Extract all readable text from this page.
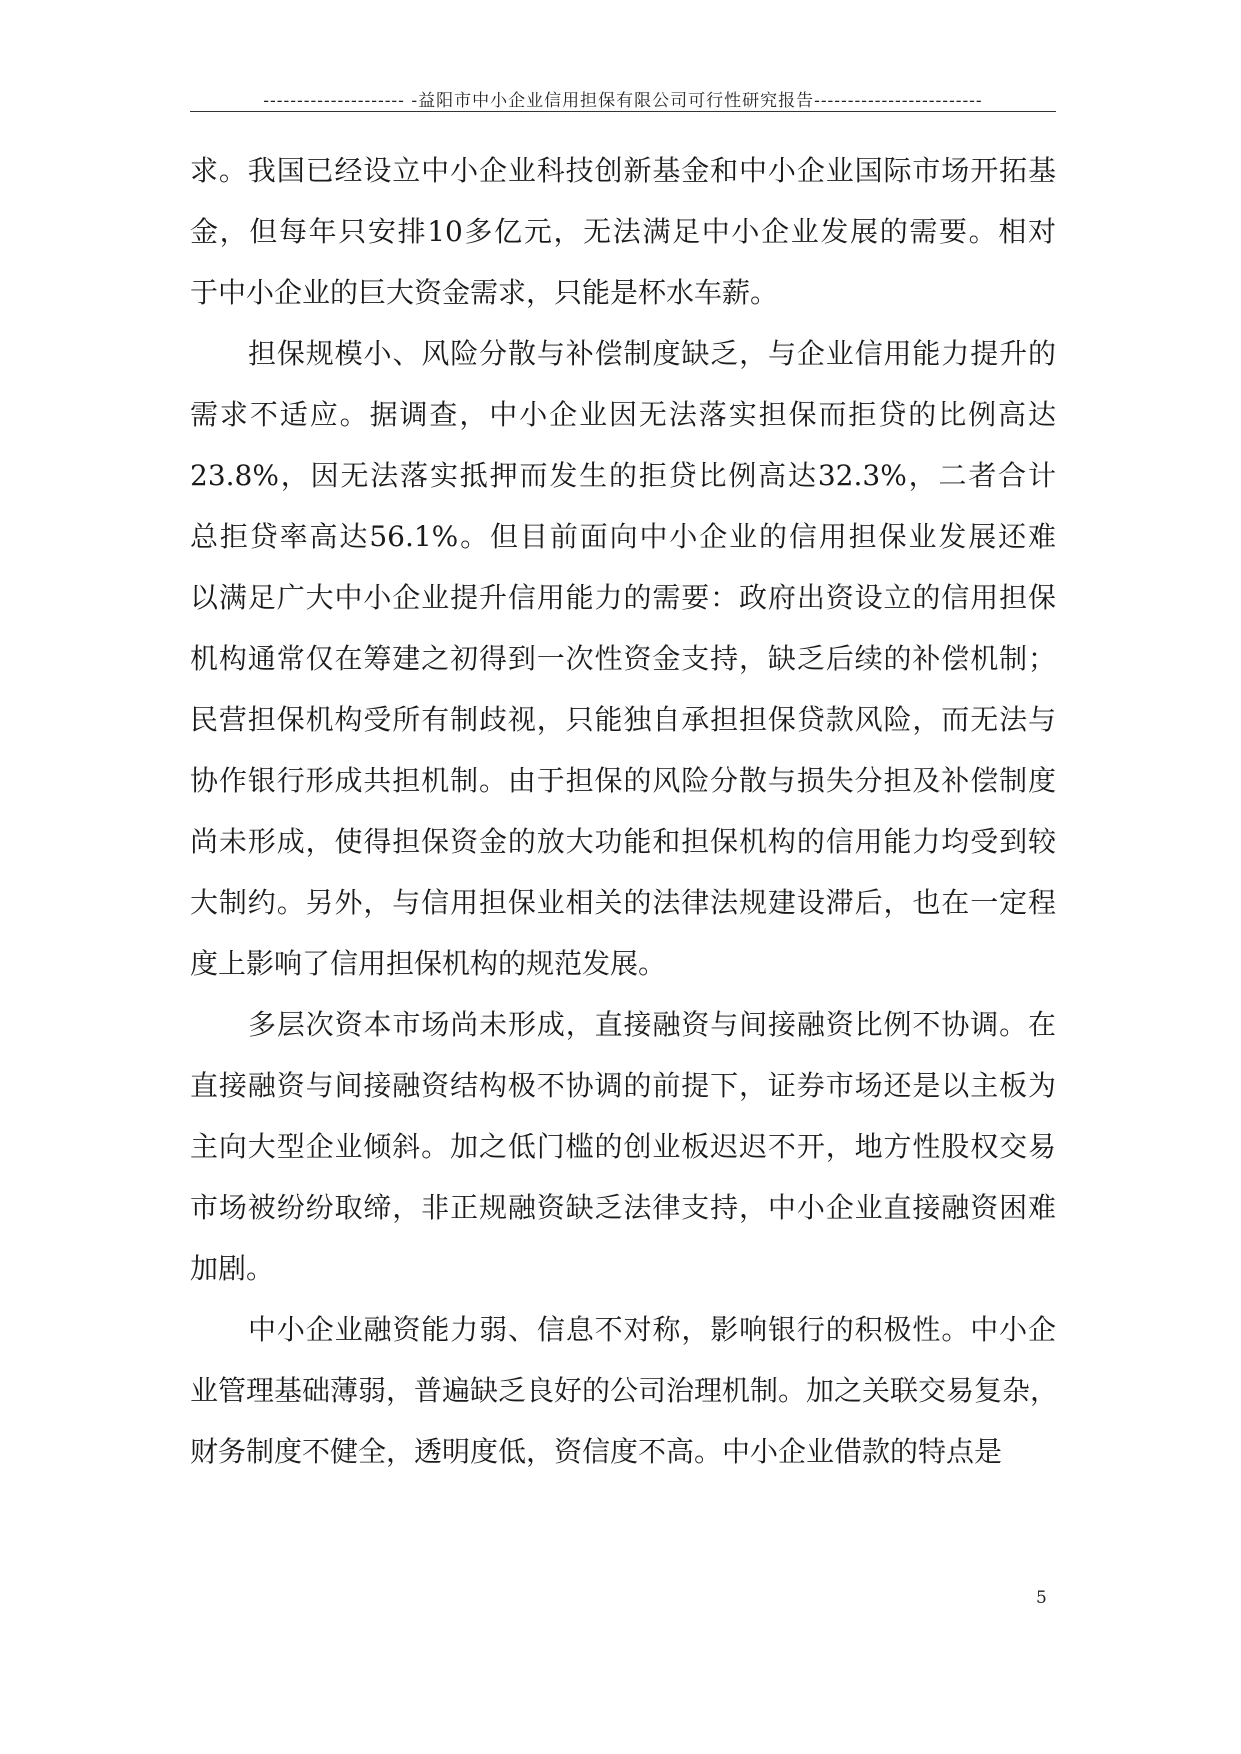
--------------------- -益阳市中小企业信用担保有限公司可行性研究报告-------------------------

求。我国已经设立中小企业科技创新基金和中小企业国际市场开拓基
金，但每年只安排10多亿元，无法满足中小企业发展的需要。相对
于中小企业的巨大资金需求，只能是杯水车薪。

担保规模小、风险分散与补偿制度缺乏，与企业信用能力提升的
需求不适应。据调查，中小企业因无法落实担保而拒贷的比例高达
23.8%，因无法落实抵押而发生的拒贷比例高达32.3%，二者合计
总拒贷率高达56.1%。但目前面向中小企业的信用担保业发展还难
以满足广大中小企业提升信用能力的需要：政府出资设立的信用担保
机构通常仅在筹建之初得到一次性资金支持，缺乏后续的补偿机制；
民营担保机构受所有制歧视，只能独自承担担保贷款风险，而无法与
协作银行形成共担机制。由于担保的风险分散与损失分担及补偿制度
尚未形成，使得担保资金的放大功能和担保机构的信用能力均受到较
大制约。另外，与信用担保业相关的法律法规建设滞后，也在一定程
度上影响了信用担保机构的规范发展。

多层次资本市场尚未形成，直接融资与间接融资比例不协调。在
直接融资与间接融资结构极不协调的前提下，证券市场还是以主板为
主向大型企业倾斜。加之低门槛的创业板迟迟不开，地方性股权交易
市场被纷纷取缔，非正规融资缺乏法律支持，中小企业直接融资困难
加剧。

中小企业融资能力弱、信息不对称，影响银行的积极性。中小企
业管理基础薄弱，普遍缺乏良好的公司治理机制。加之关联交易复杂，
财务制度不健全，透明度低，资信度不高。中小企业借款的特点是

5
